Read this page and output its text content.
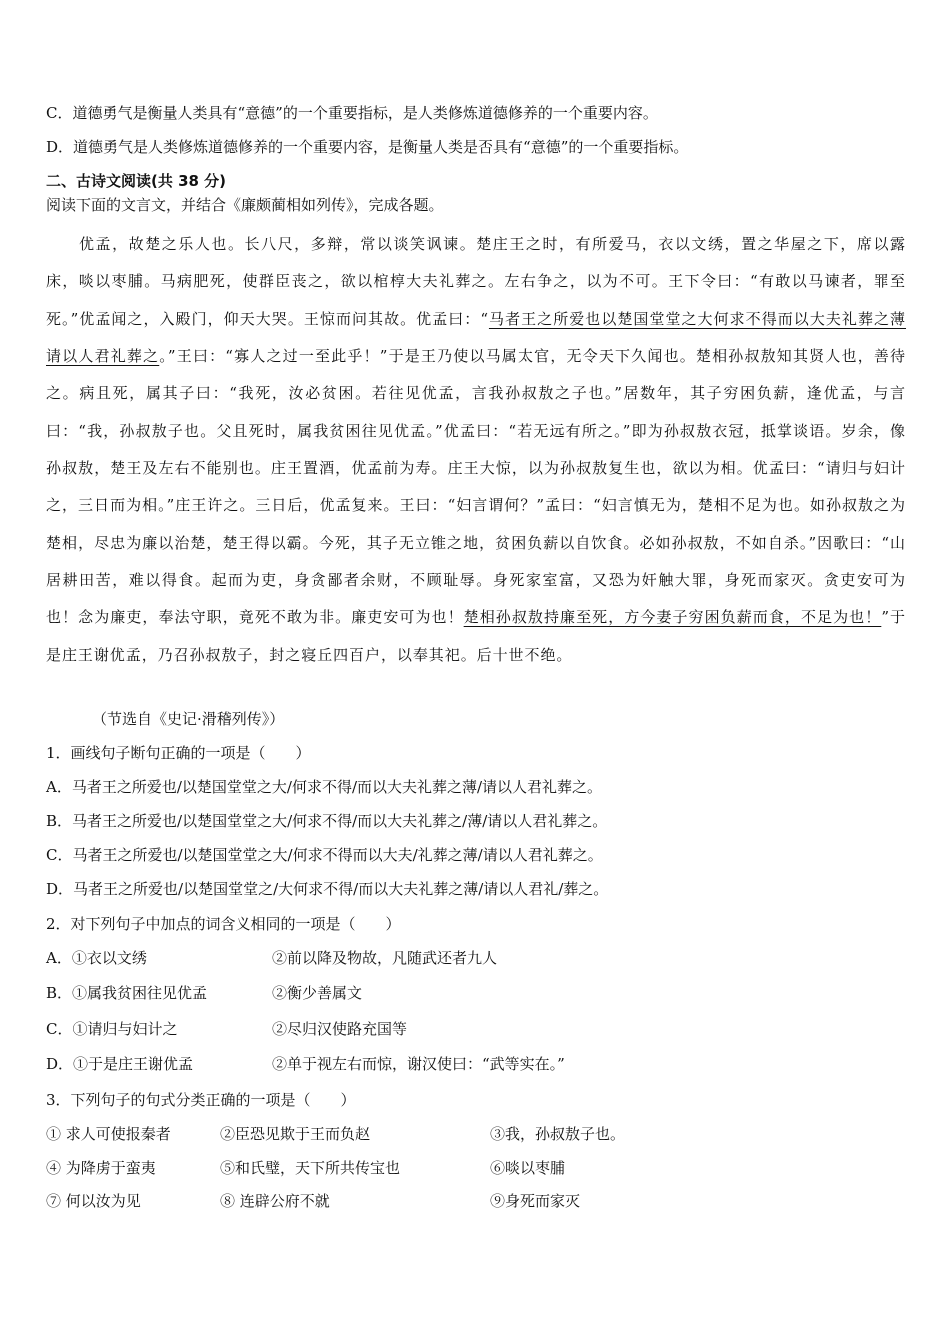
C．道德勇气是衡量人类具有“意德”的一个重要指标，是人类修炼道德修养的一个重要内容。
D．道德勇气是人类修炼道德修养的一个重要内容，是衡量人类是否具有“意德”的一个重要指标。
二、古诗文阅读(共 38 分)
阅读下面的文言文，并结合《廉颇蔺相如列传》，完成各题。

优孟，故楚之乐人也。长八尺，多辩，常以谈笑讽谏。楚庄王之时，有所爱马，衣以文绣，置之华屋之下，席以露床，啖以枣脯。马病肥死，使群臣丧之，欲以棺椁大夫礼葬之。左右争之，以为不可。王下令曰：“有敢以马谏者，罪至死。”优孟闻之，入殿门，仰天大哭。王惊而问其故。优孟曰：“马者王之所爱也以楚国堂堂之大何求不得而以大夫礼葬之薄请以人君礼葬之。”王曰：“寡人之过一至此乎！”于是王乃使以马属太官，无令天下久闻也。楚相孙叔敖知其贤人也，善待之。病且死，属其子曰：“我死，汝必贫困。若往见优孟，言我孙叔敖之子也。”居数年，其子穷困负薪，逢优孟，与言曰：“我，孙叔敖子也。父且死时，属我贫困往见优孟。”优孟曰：“若无远有所之。”即为孙叔敖衣冠，抵掌谈语。岁余，像孙叔敖，楚王及左右不能别也。庄王置酒，优孟前为寿。庄王大惊，以为孙叔敖复生也，欲以为相。优孟曰：“请归与妇计之，三日而为相。”庄王许之。三日后，优孟复来。王曰：“妇言谓何？”孟曰：“妇言慎无为，楚相不足为也。如孙叔敖之为楚相，尽忠为廉以治楚，楚王得以霸。今死，其子无立锥之地，贫困负薪以自饮食。必如孙叔敖，不如自杀。”因歌曰：“山居耕田苦，难以得食。起而为吏，身贪鄙者余财，不顾耻辱。身死家室富，又恐为奸触大罪，身死而家灭。贪吏安可为也！念为廉吏，奉法守职，竟死不敢为非。廉吏安可为也！楚相孙叔敖持廉至死，方今妻子穷困负薪而食，不足为也！”于是庄王谢优孟，乃召孙叔敖子，封之寝丘四百户，以奉其祀。后十世不绝。

（节选自《史记·滑稽列传》）
1．画线句子断句正确的一项是（　　）
A．马者王之所爱也/以楚国堂堂之大/何求不得/而以大夫礼葬之薄/请以人君礼葬之。
B．马者王之所爱也/以楚国堂堂之大/何求不得/而以大夫礼葬之/薄/请以人君礼葬之。
C．马者王之所爱也/以楚国堂堂之大/何求不得而以大夫/礼葬之薄/请以人君礼葬之。
D．马者王之所爱也/以楚国堂堂之/大何求不得/而以大夫礼葬之薄/请以人君礼/葬之。
2．对下列句子中加点的词含义相同的一项是（　　）
A．①衣以文绣	②前以降及物故，凡随武还者九人
B．①属我贫困往见优孟	②衡少善属文
C．①请归与妇计之	②尽归汉使路充国等
D．①于是庄王谢优孟	②单于视左右而惊，谢汉使曰：“武等实在。”
3．下列句子的句式分类正确的一项是（　　）
① 求人可使报秦者	②臣恐见欺于王而负赵	③我，孙叔敖子也。
④ 为降虏于蛮夷	⑤和氏璧，天下所共传宝也	⑥啖以枣脯
⑦ 何以汝为见	⑧ 连辟公府不就	⑨身死而家灭
